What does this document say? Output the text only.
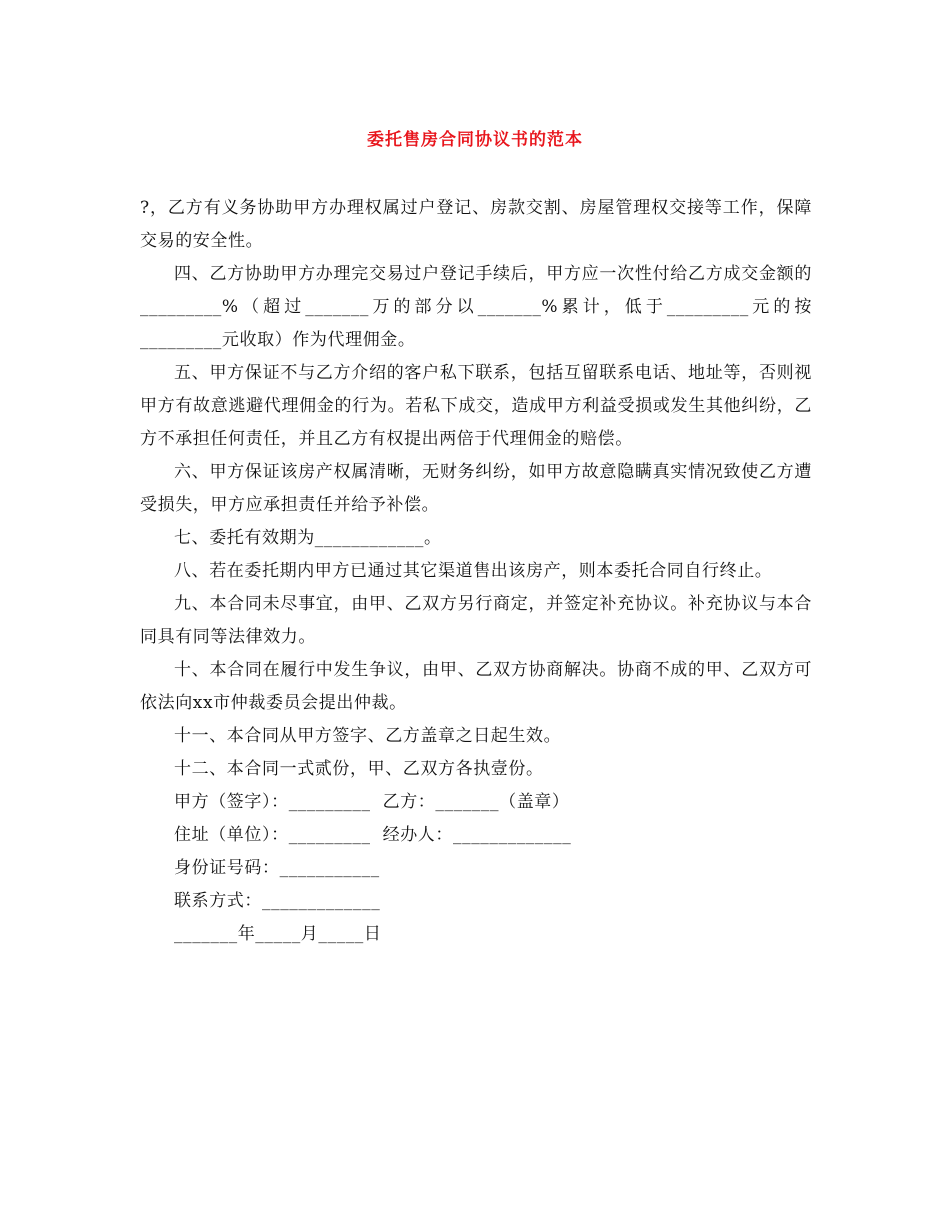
委托售房合同协议书的范本

?，乙方有义务协助甲方办理权属过户登记、房款交割、房屋管理权交接等工作，保障交易的安全性。

四、乙方协助甲方办理完交易过户登记手续后，甲方应一次性付给乙方成交金额的_________%（超过_______万的部分以_______%累计，低于_________元的按_________元收取）作为代理佣金。

五、甲方保证不与乙方介绍的客户私下联系，包括互留联系电话、地址等，否则视甲方有故意逃避代理佣金的行为。若私下成交，造成甲方利益受损或发生其他纠纷，乙方不承担任何责任，并且乙方有权提出两倍于代理佣金的赔偿。

六、甲方保证该房产权属清晰，无财务纠纷，如甲方故意隐瞒真实情况致使乙方遭受损失，甲方应承担责任并给予补偿。

七、委托有效期为____________。

八、若在委托期内甲方已通过其它渠道售出该房产，则本委托合同自行终止。

九、本合同未尽事宜，由甲、乙双方另行商定，并签定补充协议。补充协议与本合同具有同等法律效力。

十、本合同在履行中发生争议，由甲、乙双方协商解决。协商不成的甲、乙双方可依法向xx市仲裁委员会提出仲裁。

十一、本合同从甲方签字、乙方盖章之日起生效。

十二、本合同一式贰份，甲、乙双方各执壹份。

甲方（签字）：_________ 乙方：_______（盖章）
住址（单位）：_________ 经办人：_____________
身份证号码：___________
联系方式：_____________
_______年_____月_____日
